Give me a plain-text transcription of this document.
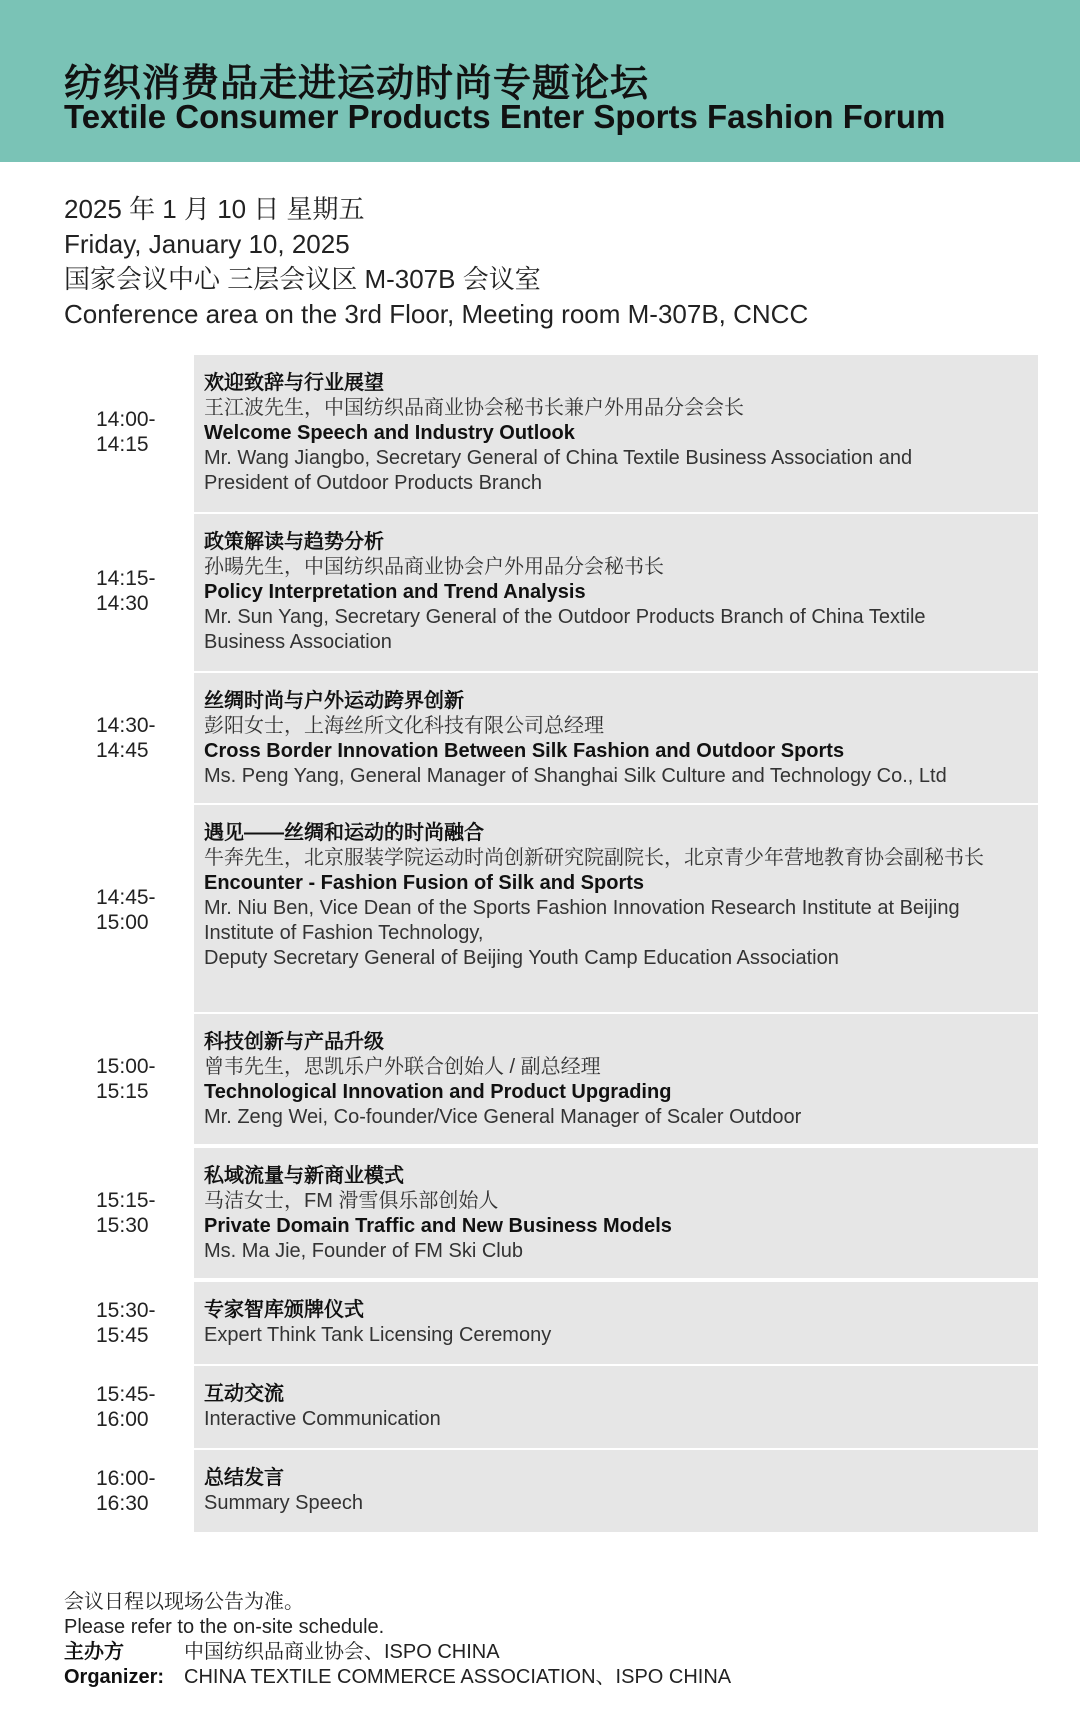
纺织消费品走进运动时尚专题论坛
Textile Consumer Products Enter Sports Fashion Forum
2025 年 1 月 10 日 星期五
Friday, January 10, 2025
国家会议中心 三层会议区 M-307B 会议室
Conference area on the 3rd Floor, Meeting room M-307B, CNCC
14:00-
14:15
欢迎致辞与行业展望
王江波先生，中国纺织品商业协会秘书长兼户外用品分会会长
Welcome Speech and Industry Outlook
Mr. Wang Jiangbo, Secretary General of China Textile Business Association and
President of Outdoor Products Branch
14:15-
14:30
政策解读与趋势分析
孙暘先生，中国纺织品商业协会户外用品分会秘书长
Policy Interpretation and Trend Analysis
Mr. Sun Yang, Secretary General of the Outdoor Products Branch of China Textile
Business Association
14:30-
14:45
丝绸时尚与户外运动跨界创新
彭阳女士，上海丝所文化科技有限公司总经理
Cross Border Innovation Between Silk Fashion and Outdoor Sports
Ms. Peng Yang, General Manager of Shanghai Silk Culture and Technology Co., Ltd
14:45-
15:00
遇见——丝绸和运动的时尚融合
牛奔先生，北京服装学院运动时尚创新研究院副院长，北京青少年营地教育协会副秘书长
Encounter - Fashion Fusion of Silk and Sports
Mr. Niu Ben, Vice Dean of the Sports Fashion Innovation Research Institute at Beijing
Institute of Fashion Technology,
Deputy Secretary General of Beijing Youth Camp Education Association
15:00-
15:15
科技创新与产品升级
曾韦先生，思凯乐户外联合创始人 / 副总经理
Technological Innovation and Product Upgrading
Mr. Zeng Wei, Co-founder/Vice General Manager of Scaler Outdoor
15:15-
15:30
私域流量与新商业模式
马洁女士，FM 滑雪俱乐部创始人
Private Domain Traffic and New Business Models
Ms. Ma Jie, Founder of FM Ski Club
15:30-
15:45
专家智库颁牌仪式
Expert Think Tank Licensing Ceremony
15:45-
16:00
互动交流
Interactive Communication
16:00-
16:30
总结发言
Summary Speech
会议日程以现场公告为准。
Please refer to the on-site schedule.
主办方	中国纺织品商业协会、ISPO CHINA
Organizer: CHINA TEXTILE COMMERCE ASSOCIATION、ISPO CHINA
